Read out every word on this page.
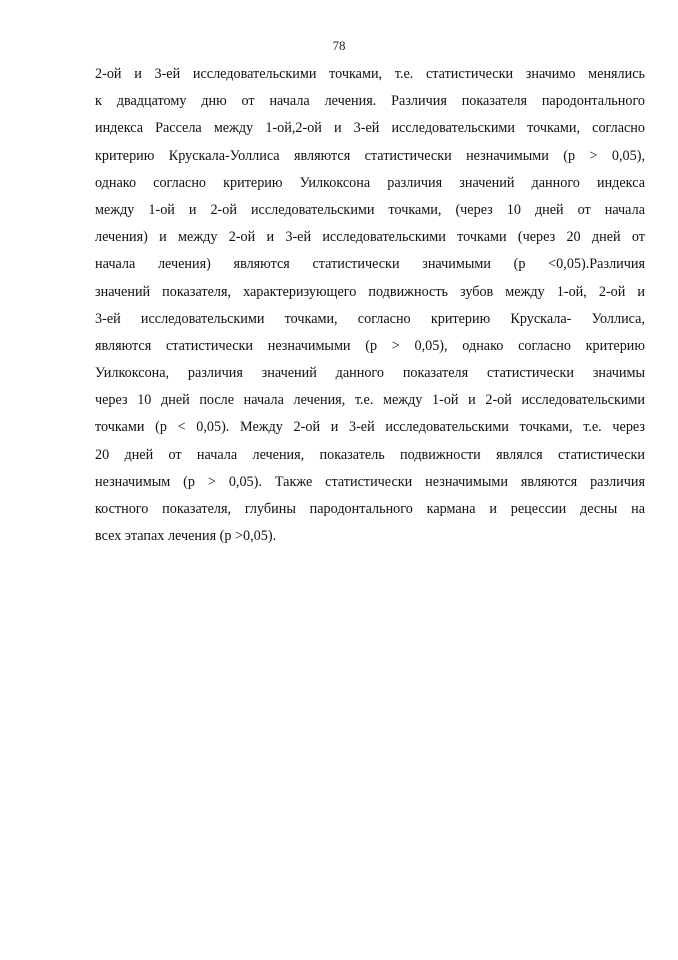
78
2-ой и 3-ей исследовательскими точками, т.е. статистически значимо менялись
к двадцатому дню от начала лечения. Различия показателя пародонтального
индекса Рассела между 1-ой,2-ой и 3-ей исследовательскими точками, согласно
критерию Крускала-Уоллиса являются статистически незначимыми (p > 0,05),
однако согласно критерию Уилкоксона различия значений данного индекса
между 1-ой и 2-ой исследовательскими точками, (через 10 дней от начала
лечения) и между 2-ой и 3-ей исследовательскими точками (через 20 дней от
начала лечения) являются статистически значимыми (p <0,05).Различия
значений показателя, характеризующего подвижность зубов между 1-ой, 2-ой и
3-ей исследовательскими точками, согласно критерию Крускала- Уоллиса,
являются статистически незначимыми (p > 0,05), однако согласно критерию
Уилкоксона, различия значений данного показателя статистически значимы
через 10 дней после начала лечения, т.е. между 1-ой и 2-ой исследовательскими
точками (p < 0,05). Между 2-ой и 3-ей исследовательскими точками, т.е. через
20 дней от начала лечения, показатель подвижности являлся статистически
незначимым (p > 0,05). Также статистически незначимыми являются различия
костного показателя, глубины пародонтального кармана и рецессии десны на
всех этапах лечения (p >0,05).
